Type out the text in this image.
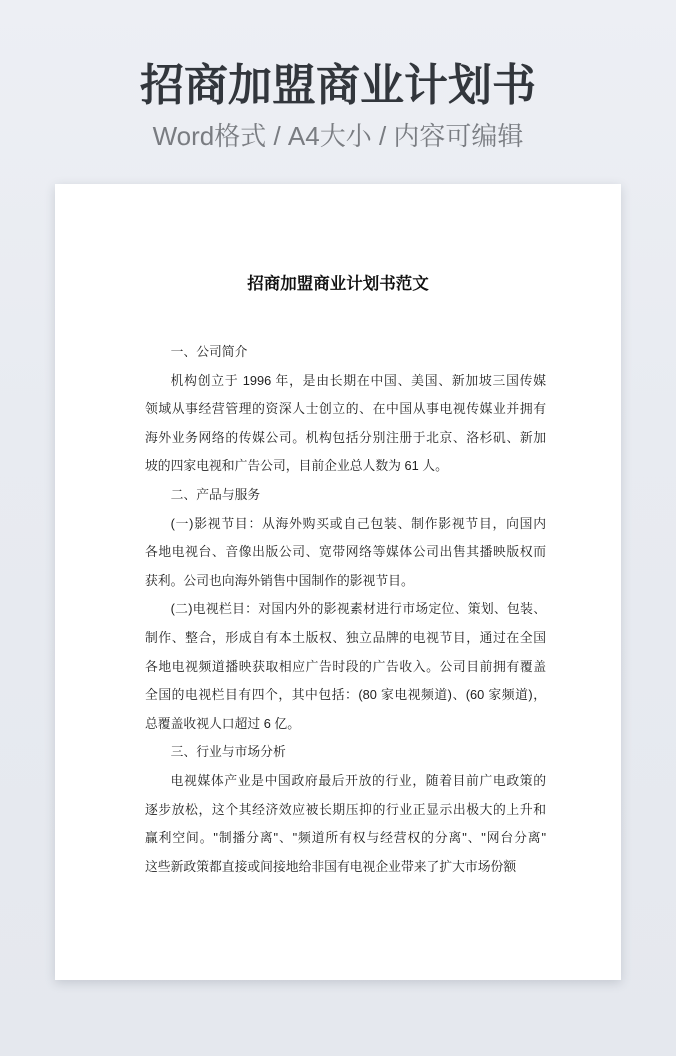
招商加盟商业计划书
Word格式 / A4大小 / 内容可编辑
招商加盟商业计划书范文
一、公司简介
机构创立于 1996 年，是由长期在中国、美国、新加坡三国传媒
领域从事经营管理的资深人士创立的、在中国从事电视传媒业并拥有
海外业务网络的传媒公司。机构包括分别注册于北京、洛杉矶、新加
坡的四家电视和广告公司，目前企业总人数为 61 人。
二、产品与服务
(一)影视节目：从海外购买或自己包装、制作影视节目，向国内
各地电视台、音像出版公司、宽带网络等媒体公司出售其播映版权而
获利。公司也向海外销售中国制作的影视节目。
(二)电视栏目：对国内外的影视素材进行市场定位、策划、包装、
制作、整合，形成自有本土版权、独立品牌的电视节目，通过在全国
各地电视频道播映获取相应广告时段的广告收入。公司目前拥有覆盖
全国的电视栏目有四个，其中包括：(80 家电视频道)、(60 家频道)，
总覆盖收视人口超过 6 亿。
三、行业与市场分析
电视媒体产业是中国政府最后开放的行业，随着目前广电政策的
逐步放松，这个其经济效应被长期压抑的行业正显示出极大的上升和
赢利空间。"制播分离"、"频道所有权与经营权的分离"、"网台分离"
这些新政策都直接或间接地给非国有电视企业带来了扩大市场份额
